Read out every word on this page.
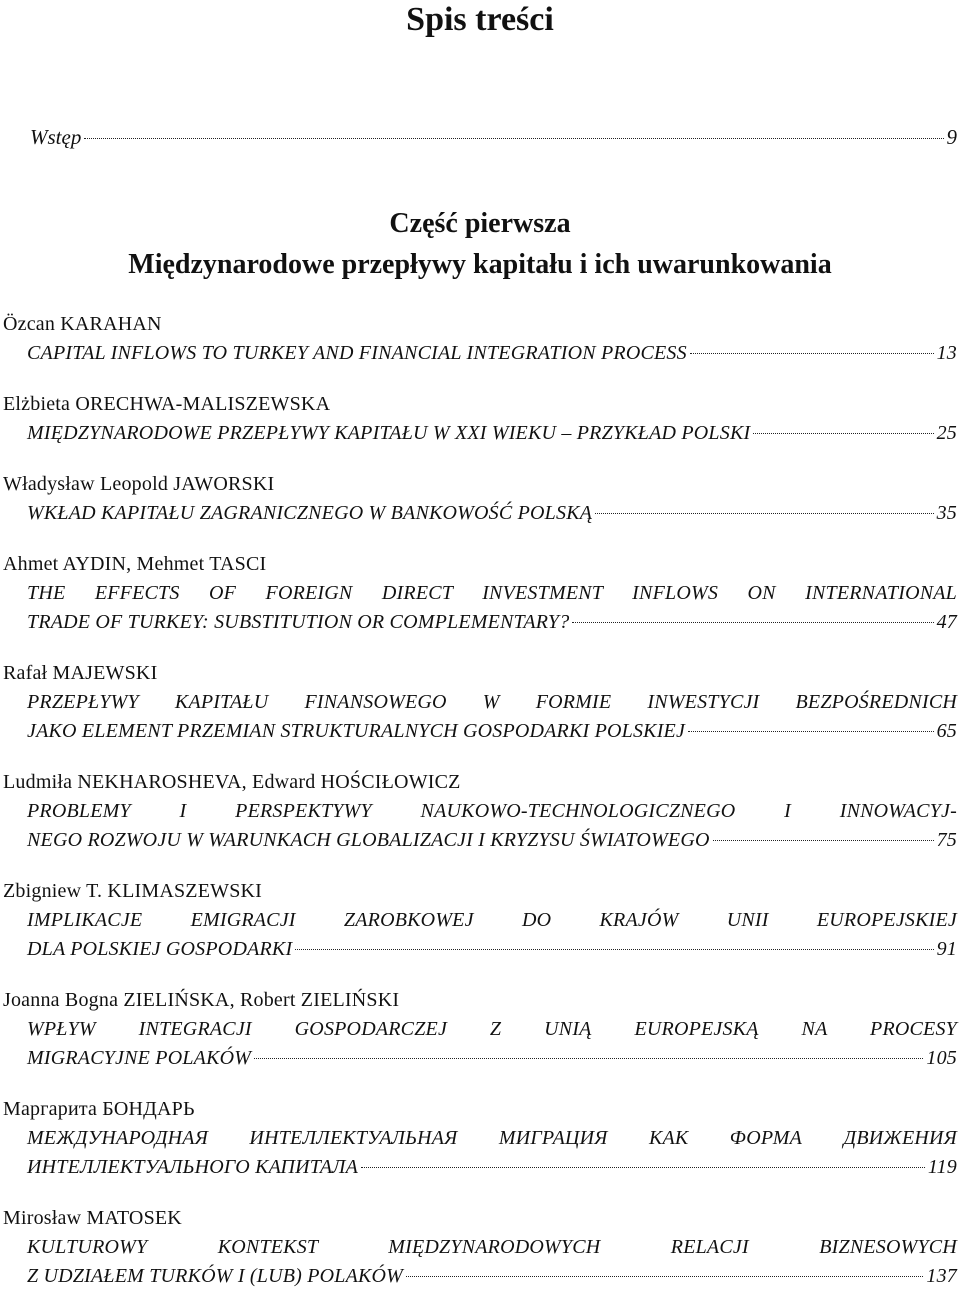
Spis treści
Wstęp	9
Część pierwsza
Międzynarodowe przepływy kapitału i ich uwarunkowania
Özcan KARAHAN
CAPITAL INFLOWS TO TURKEY AND FINANCIAL INTEGRATION PROCESS	13
Elżbieta ORECHWA-MALISZEWSKA
MIĘDZYNARODOWE PRZEPŁYWY KAPITAŁU W XXI WIEKU – PRZYKŁAD POLSKI	25
Władysław Leopold JAWORSKI
WKŁAD KAPITAŁU ZAGRANICZNEGO W BANKOWOŚĆ POLSKĄ	35
Ahmet AYDIN, Mehmet TASCI
THE EFFECTS OF FOREIGN DIRECT INVESTMENT INFLOWS ON INTERNATIONAL
TRADE OF TURKEY: SUBSTITUTION OR COMPLEMENTARY?	47
Rafał MAJEWSKI
PRZEPŁYWY KAPITAŁU FINANSOWEGO W FORMIE INWESTYCJI BEZPOŚREDNICH
JAKO ELEMENT PRZEMIAN STRUKTURALNYCH GOSPODARKI POLSKIEJ	65
Ludmiła NEKHAROSHEVA, Edward HOŚCIŁOWICZ
PROBLEMY I PERSPEKTYWY NAUKOWO-TECHNOLOGICZNEGO I INNOWACYJ-
NEGO ROZWOJU W WARUNKACH GLOBALIZACJI I KRYZYSU ŚWIATOWEGO	75
Zbigniew T. KLIMASZEWSKI
IMPLIKACJE EMIGRACJI ZAROBKOWEJ DO KRAJÓW UNII EUROPEJSKIEJ
DLA POLSKIEJ GOSPODARKI	91
Joanna Bogna ZIELIŃSKA, Robert ZIELIŃSKI
WPŁYW INTEGRACJI GOSPODARCZEJ Z UNIĄ EUROPEJSKĄ NA PROCESY
MIGRACYJNE POLAKÓW	105
Маргарита БОНДАРЬ
МЕЖДУНАРОДНАЯ ИНТЕЛЛЕКТУАЛЬНАЯ МИГРАЦИЯ КАК ФОРМА ДВИЖЕНИЯ
ИНТЕЛЛЕКТУАЛЬНОГО КАПИТАЛА	119
Mirosław MATOSEK
KULTUROWY KONTEKST MIĘDZYNARODOWYCH RELACJI BIZNESOWYCH
Z UDZIAŁEM TURKÓW I (LUB) POLAKÓW	137
